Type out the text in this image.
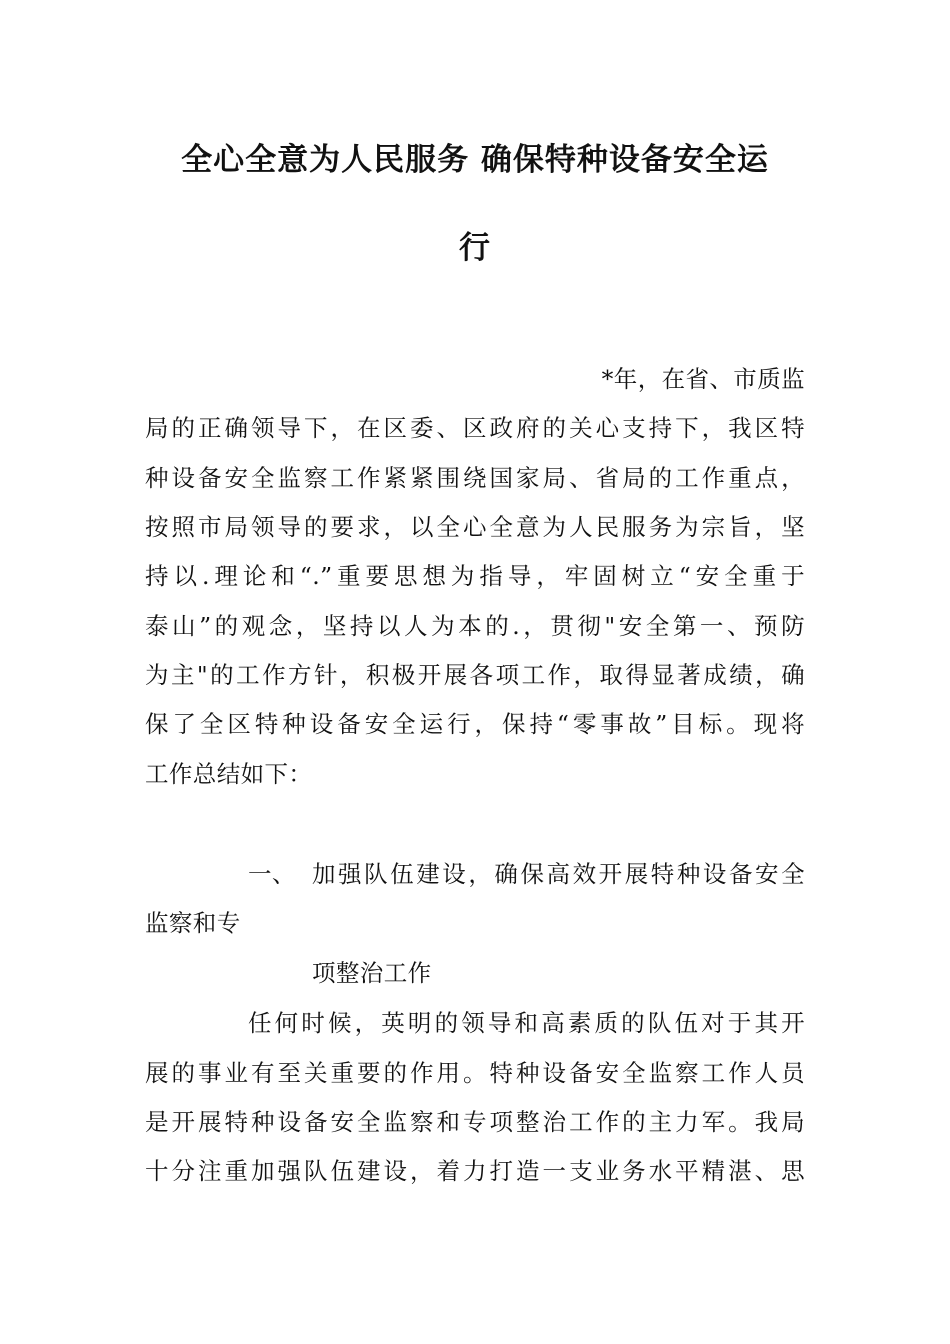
全心全意为人民服务 确保特种设备安全运
行
*年，在省、市质监
局的正确领导下，在区委、区政府的关心支持下，我区特
种设备安全监察工作紧紧围绕国家局、省局的工作重点，
按照市局领导的要求，以全心全意为人民服务为宗旨，坚
持以.理论和“.”重要思想为指导，牢固树立“安全重于
泰山”的观念，坚持以人为本的.，贯彻"安全第一、预防
为主"的工作方针，积极开展各项工作，取得显著成绩，确
保了全区特种设备安全运行，保持“零事故”目标。现将
工作总结如下：
一、 加强队伍建设，确保高效开展特种设备安全
监察和专
项整治工作
任何时候，英明的领导和高素质的队伍对于其开
展的事业有至关重要的作用。特种设备安全监察工作人员
是开展特种设备安全监察和专项整治工作的主力军。我局
十分注重加强队伍建设，着力打造一支业务水平精湛、思
